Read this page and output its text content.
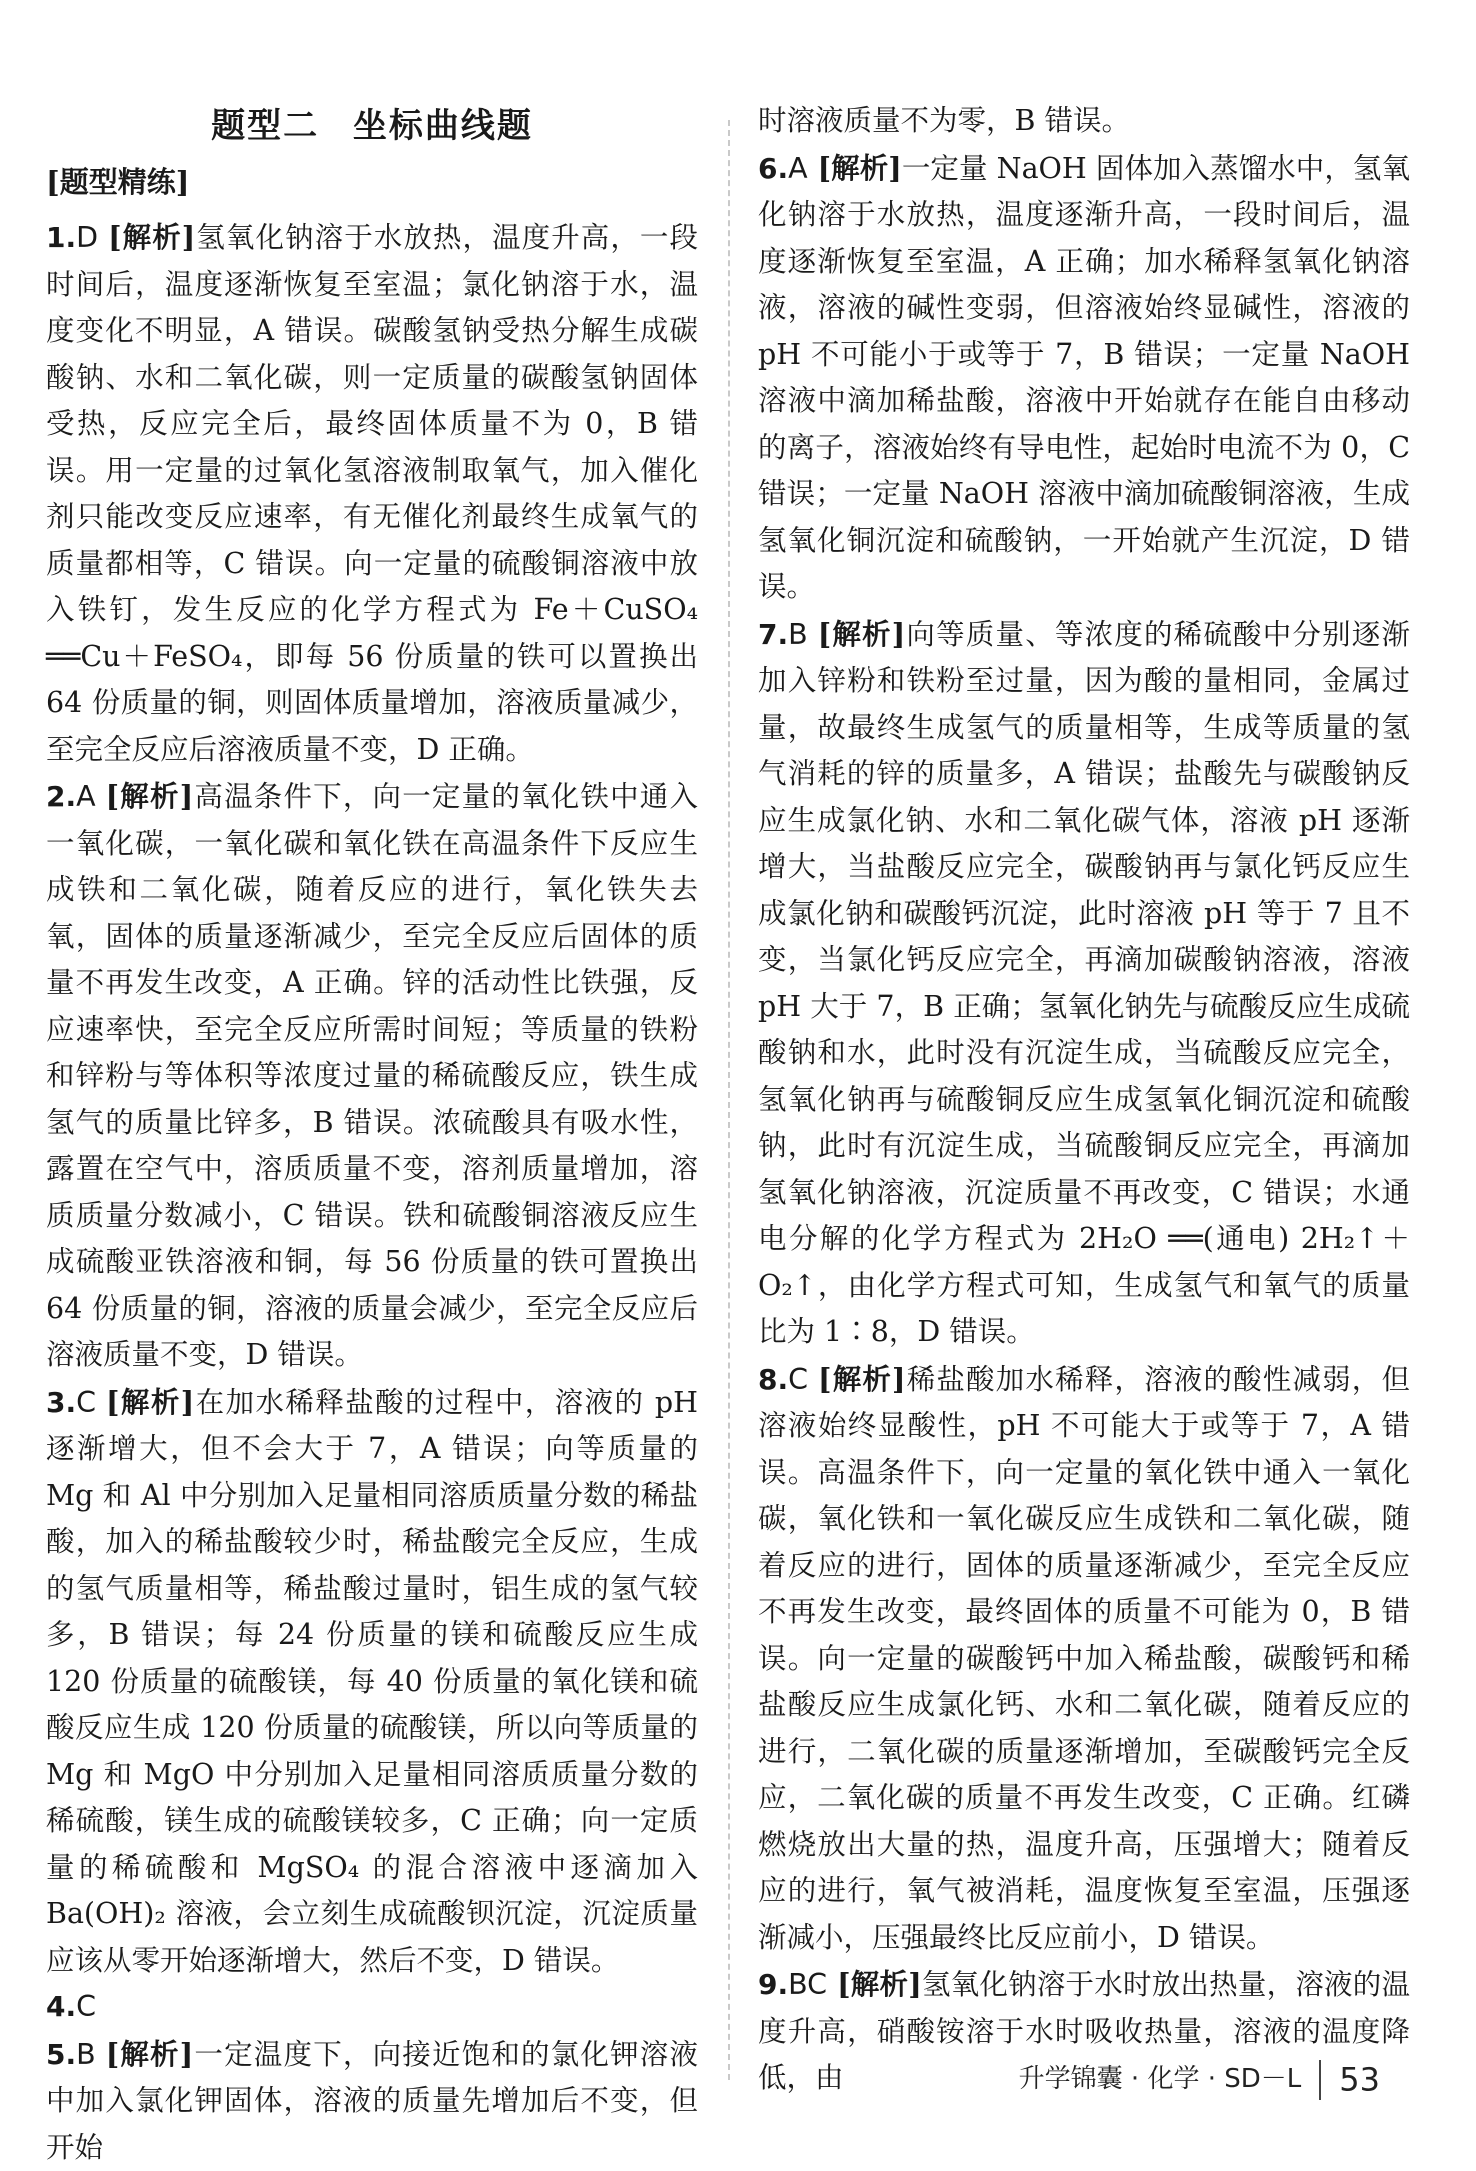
题型二 坐标曲线题
[题型精练]

1.D [解析]氢氧化钠溶于水放热，温度升高，一段时间后，温度逐渐恢复至室温；氯化钠溶于水，温度变化不明显，A 错误。碳酸氢钠受热分解生成碳酸钠、水和二氧化碳，则一定质量的碳酸氢钠固体受热，反应完全后，最终固体质量不为 0，B 错误。用一定量的过氧化氢溶液制取氧气，加入催化剂只能改变反应速率，有无催化剂最终生成氧气的质量都相等，C 错误。向一定量的硫酸铜溶液中放入铁钉，发生反应的化学方程式为 Fe＋CuSO₄ ══Cu＋FeSO₄，即每 56 份质量的铁可以置换出 64 份质量的铜，则固体质量增加，溶液质量减少，至完全反应后溶液质量不变，D 正确。

2.A [解析]高温条件下，向一定量的氧化铁中通入一氧化碳，一氧化碳和氧化铁在高温条件下反应生成铁和二氧化碳，随着反应的进行，氧化铁失去氧，固体的质量逐渐减少，至完全反应后固体的质量不再发生改变，A 正确。锌的活动性比铁强，反应速率快，至完全反应所需时间短；等质量的铁粉和锌粉与等体积等浓度过量的稀硫酸反应，铁生成氢气的质量比锌多，B 错误。浓硫酸具有吸水性，露置在空气中，溶质质量不变，溶剂质量增加，溶质质量分数减小，C 错误。铁和硫酸铜溶液反应生成硫酸亚铁溶液和铜，每 56 份质量的铁可置换出 64 份质量的铜，溶液的质量会减少，至完全反应后溶液质量不变，D 错误。

3.C [解析]在加水稀释盐酸的过程中，溶液的 pH 逐渐增大，但不会大于 7，A 错误；向等质量的 Mg 和 Al 中分别加入足量相同溶质质量分数的稀盐酸，加入的稀盐酸较少时，稀盐酸完全反应，生成的氢气质量相等，稀盐酸过量时，铝生成的氢气较多，B 错误；每 24 份质量的镁和硫酸反应生成 120 份质量的硫酸镁，每 40 份质量的氧化镁和硫酸反应生成 120 份质量的硫酸镁，所以向等质量的 Mg 和 MgO 中分别加入足量相同溶质质量分数的稀硫酸，镁生成的硫酸镁较多，C 正确；向一定质量的稀硫酸和 MgSO₄ 的混合溶液中逐滴加入 Ba(OH)₂ 溶液，会立刻生成硫酸钡沉淀，沉淀质量应该从零开始逐渐增大，然后不变，D 错误。

4.C

5.B [解析]一定温度下，向接近饱和的氯化钾溶液中加入氯化钾固体，溶液的质量先增加后不变，但开始

时溶液质量不为零，B 错误。

6.A [解析]一定量 NaOH 固体加入蒸馏水中，氢氧化钠溶于水放热，温度逐渐升高，一段时间后，温度逐渐恢复至室温，A 正确；加水稀释氢氧化钠溶液，溶液的碱性变弱，但溶液始终显碱性，溶液的 pH 不可能小于或等于 7，B 错误；一定量 NaOH 溶液中滴加稀盐酸，溶液中开始就存在能自由移动的离子，溶液始终有导电性，起始时电流不为 0，C 错误；一定量 NaOH 溶液中滴加硫酸铜溶液，生成氢氧化铜沉淀和硫酸钠，一开始就产生沉淀，D 错误。

7.B [解析]向等质量、等浓度的稀硫酸中分别逐渐加入锌粉和铁粉至过量，因为酸的量相同，金属过量，故最终生成氢气的质量相等，生成等质量的氢气消耗的锌的质量多，A 错误；盐酸先与碳酸钠反应生成氯化钠、水和二氧化碳气体，溶液 pH 逐渐增大，当盐酸反应完全，碳酸钠再与氯化钙反应生成氯化钠和碳酸钙沉淀，此时溶液 pH 等于 7 且不变，当氯化钙反应完全，再滴加碳酸钠溶液，溶液 pH 大于 7，B 正确；氢氧化钠先与硫酸反应生成硫酸钠和水，此时没有沉淀生成，当硫酸反应完全，氢氧化钠再与硫酸铜反应生成氢氧化铜沉淀和硫酸钠，此时有沉淀生成，当硫酸铜反应完全，再滴加氢氧化钠溶液，沉淀质量不再改变，C 错误；水通电分解的化学方程式为 2H₂O ══(通电) 2H₂↑＋O₂↑，由化学方程式可知，生成氢气和氧气的质量比为 1∶8，D 错误。

8.C [解析]稀盐酸加水稀释，溶液的酸性减弱，但溶液始终显酸性，pH 不可能大于或等于 7，A 错误。高温条件下，向一定量的氧化铁中通入一氧化碳，氧化铁和一氧化碳反应生成铁和二氧化碳，随着反应的进行，固体的质量逐渐减少，至完全反应不再发生改变，最终固体的质量不可能为 0，B 错误。向一定量的碳酸钙中加入稀盐酸，碳酸钙和稀盐酸反应生成氯化钙、水和二氧化碳，随着反应的进行，二氧化碳的质量逐渐增加，至碳酸钙完全反应，二氧化碳的质量不再发生改变，C 正确。红磷燃烧放出大量的热，温度升高，压强增大；随着反应的进行，氧气被消耗，温度恢复至室温，压强逐渐减小，压强最终比反应前小，D 错误。

9.BC [解析]氢氧化钠溶于水时放出热量，溶液的温度升高，硝酸铵溶于水时吸收热量，溶液的温度降低，由	升学锦囊 · 化学 · SD－L 53
